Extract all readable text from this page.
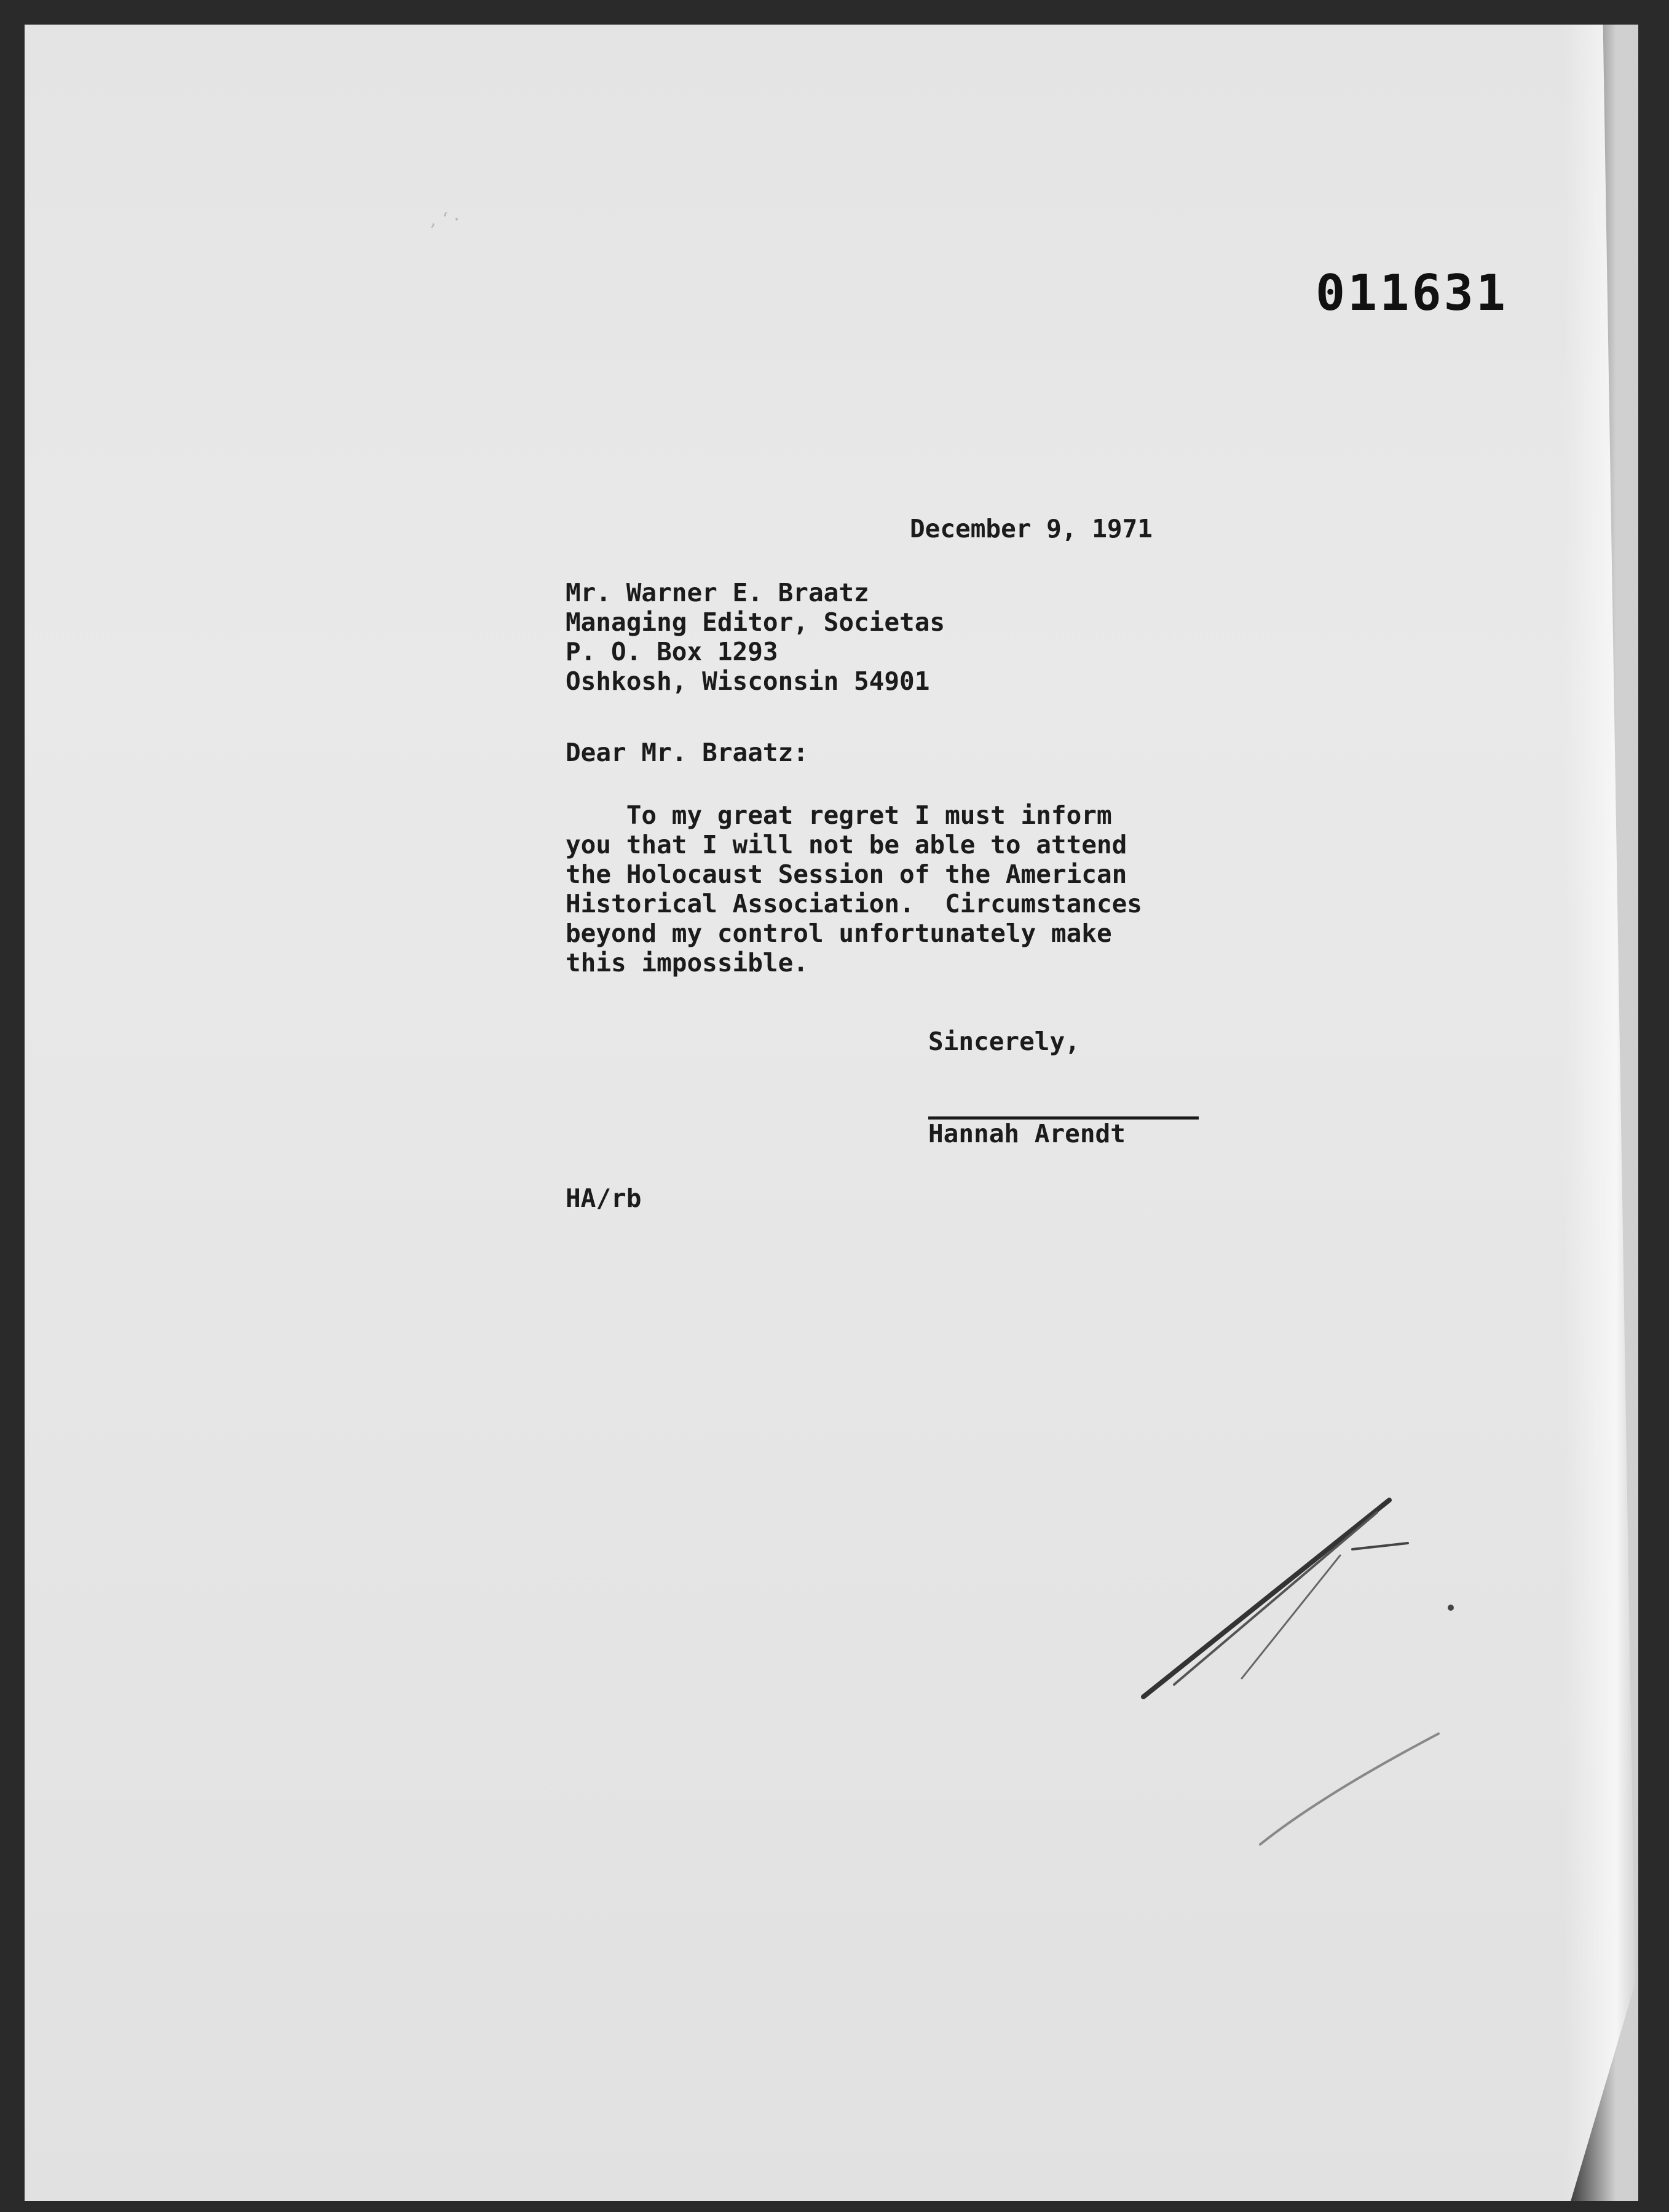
, ‘ ·
011631

December 9, 1971

Mr. Warner E. Braatz

Managing Editor, Societas

P. O. Box 1293

Oshkosh, Wisconsin 54901

Dear Mr. Braatz:

To my great regret I must inform

you that I will not be able to attend

the Holocaust Session of the American

Historical Association.  Circumstances

beyond my control unfortunately make

this impossible.

Sincerely,

Hannah Arendt

HA/rb
